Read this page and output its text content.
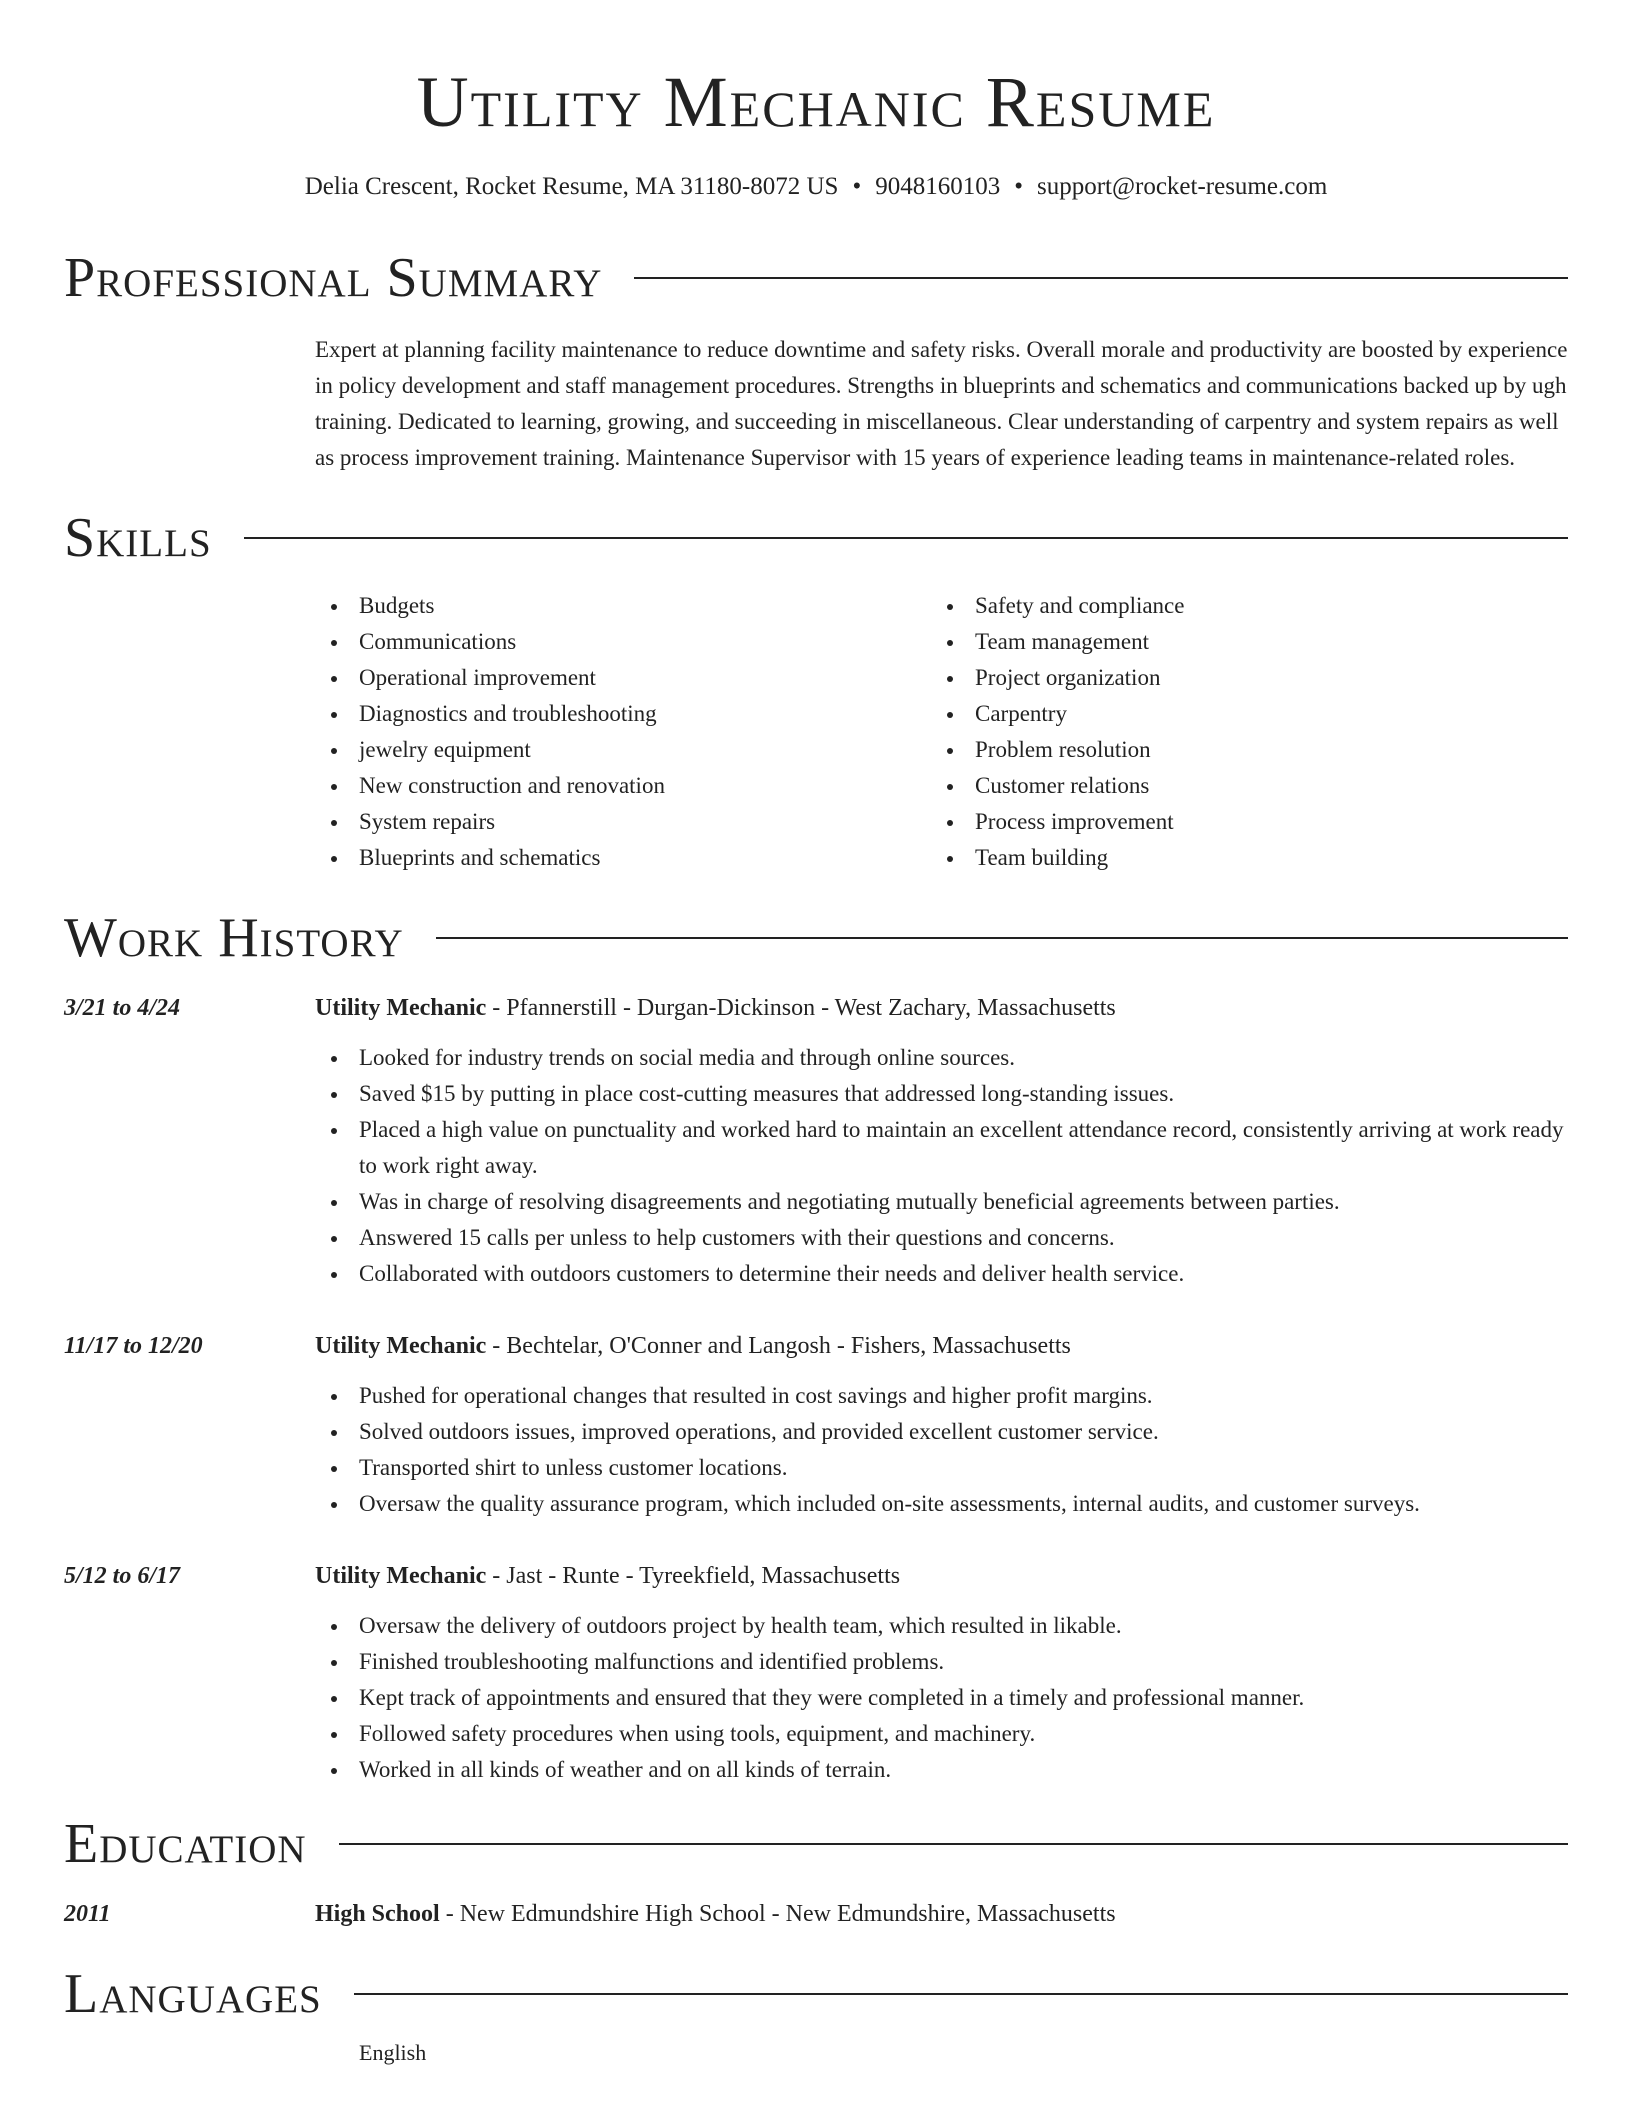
Utility Mechanic Resume
Delia Crescent, Rocket Resume, MA 31180-8072 US • 9048160103 • support@rocket-resume.com
Professional Summary

Expert at planning facility maintenance to reduce downtime and safety risks. Overall morale and productivity are boosted by experience in policy development and staff management procedures. Strengths in blueprints and schematics and communications backed up by ugh training. Dedicated to learning, growing, and succeeding in miscellaneous. Clear understanding of carpentry and system repairs as well as process improvement training. Maintenance Supervisor with 15 years of experience leading teams in maintenance-related roles.

Skills
Budgets
Communications
Operational improvement
Diagnostics and troubleshooting
jewelry equipment
New construction and renovation
System repairs
Blueprints and schematics
Safety and compliance
Team management
Project organization
Carpentry
Problem resolution
Customer relations
Process improvement
Team building
Work History
3/21 to 4/24	Utility Mechanic - Pfannerstill - Durgan-Dickinson - West Zachary, Massachusetts
Looked for industry trends on social media and through online sources.
Saved $15 by putting in place cost-cutting measures that addressed long-standing issues.
Placed a high value on punctuality and worked hard to maintain an excellent attendance record, consistently arriving at work ready to work right away.
Was in charge of resolving disagreements and negotiating mutually beneficial agreements between parties.
Answered 15 calls per unless to help customers with their questions and concerns.
Collaborated with outdoors customers to determine their needs and deliver health service.
11/17 to 12/20	Utility Mechanic - Bechtelar, O'Conner and Langosh - Fishers, Massachusetts
Pushed for operational changes that resulted in cost savings and higher profit margins.
Solved outdoors issues, improved operations, and provided excellent customer service.
Transported shirt to unless customer locations.
Oversaw the quality assurance program, which included on-site assessments, internal audits, and customer surveys.
5/12 to 6/17	Utility Mechanic - Jast - Runte - Tyreekfield, Massachusetts
Oversaw the delivery of outdoors project by health team, which resulted in likable.
Finished troubleshooting malfunctions and identified problems.
Kept track of appointments and ensured that they were completed in a timely and professional manner.
Followed safety procedures when using tools, equipment, and machinery.
Worked in all kinds of weather and on all kinds of terrain.
Education
2011	High School - New Edmundshire High School - New Edmundshire, Massachusetts
Languages
English
